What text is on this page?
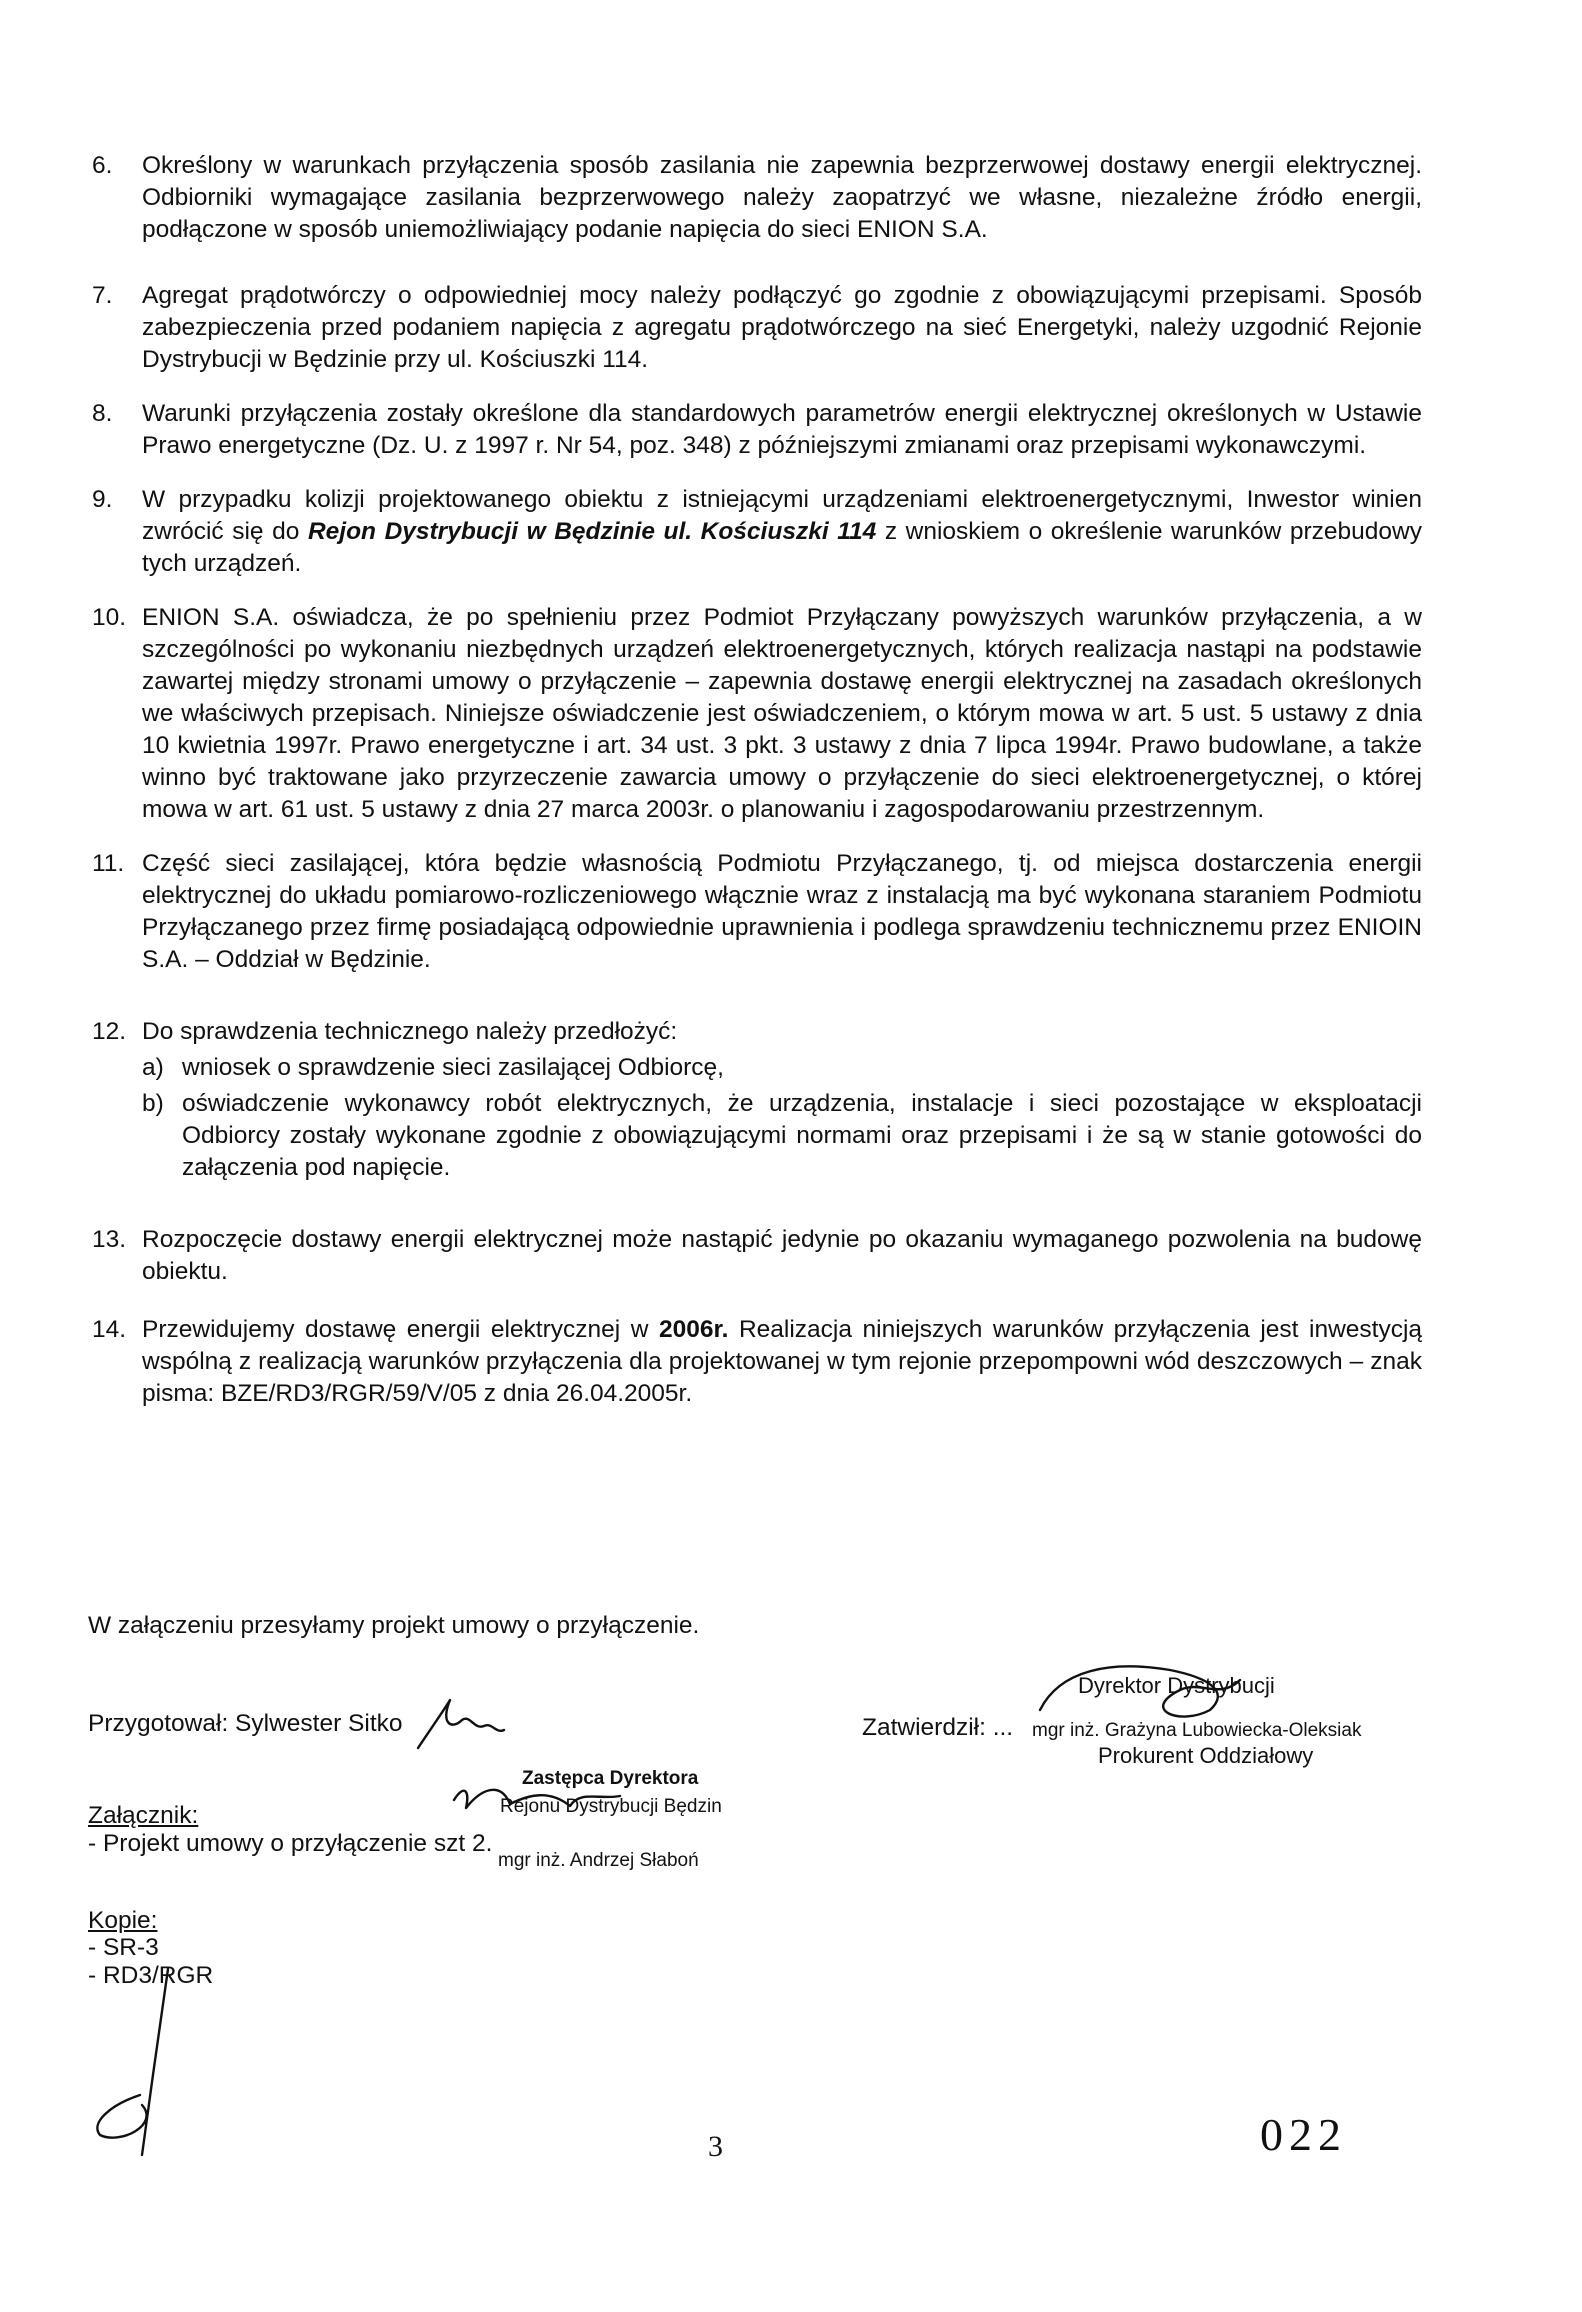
6.	Określony w warunkach przyłączenia sposób zasilania nie zapewnia bezprzerwowej dostawy energii elektrycznej. Odbiorniki wymagające zasilania bezprzerwowego należy zaopatrzyć we własne, niezależne źródło energii, podłączone w sposób uniemożliwiający podanie napięcia do sieci ENION S.A.
7.	Agregat prądotwórczy o odpowiedniej mocy należy podłączyć go zgodnie z obowiązującymi przepisami. Sposób zabezpieczenia przed podaniem napięcia z agregatu prądotwórczego na sieć Energetyki, należy uzgodnić Rejonie Dystrybucji w Będzinie przy ul. Kościuszki 114.
8.	Warunki przyłączenia zostały określone dla standardowych parametrów energii elektrycznej określonych w Ustawie Prawo energetyczne (Dz. U. z 1997 r. Nr 54, poz. 348) z późniejszymi zmianami oraz przepisami wykonawczymi.
9.	W przypadku kolizji projektowanego obiektu z istniejącymi urządzeniami elektroenergetycznymi, Inwestor winien zwrócić się do Rejon Dystrybucji w Będzinie ul. Kościuszki 114 z wnioskiem o określenie warunków przebudowy tych urządzeń.
10. ENION S.A. oświadcza, że po spełnieniu przez Podmiot Przyłączany powyższych warunków przyłączenia, a w szczególności po wykonaniu niezbędnych urządzeń elektroenergetycznych, których realizacja nastąpi na podstawie zawartej między stronami umowy o przyłączenie – zapewnia dostawę energii elektrycznej na zasadach określonych we właściwych przepisach. Niniejsze oświadczenie jest oświadczeniem, o którym mowa w art. 5 ust. 5 ustawy z dnia 10 kwietnia 1997r. Prawo energetyczne i art. 34 ust. 3 pkt. 3 ustawy z dnia 7 lipca 1994r. Prawo budowlane, a także winno być traktowane jako przyrzeczenie zawarcia umowy o przyłączenie do sieci elektroenergetycznej, o której mowa w art. 61 ust. 5 ustawy z dnia 27 marca 2003r. o planowaniu i zagospodarowaniu przestrzennym.
11. Część sieci zasilającej, która będzie własnością Podmiotu Przyłączanego, tj. od miejsca dostarczenia energii elektrycznej do układu pomiarowo-rozliczeniowego włącznie wraz z instalacją ma być wykonana staraniem Podmiotu Przyłączanego przez firmę posiadającą odpowiednie uprawnienia i podlega sprawdzeniu technicznemu przez ENIOIN S.A. – Oddział w Będzinie.
12. Do sprawdzenia technicznego należy przedłożyć:
a) wniosek o sprawdzenie sieci zasilającej Odbiorcę,
b) oświadczenie wykonawcy robót elektrycznych, że urządzenia, instalacje i sieci pozostające w eksploatacji Odbiorcy zostały wykonane zgodnie z obowiązującymi normami oraz przepisami i że są w stanie gotowości do załączenia pod napięcie.
13. Rozpoczęcie dostawy energii elektrycznej może nastąpić jedynie po okazaniu wymaganego pozwolenia na budowę obiektu.
14. Przewidujemy dostawę energii elektrycznej w 2006r. Realizacja niniejszych warunków przyłączenia jest inwestycją wspólną z realizacją warunków przyłączenia dla projektowanej w tym rejonie przepompowni wód deszczowych – znak pisma: BZE/RD3/RGR/59/V/05 z dnia 26.04.2005r.
W załączeniu przesyłamy projekt umowy o przyłączenie.
Przygotował: Sylwester Sitko	Zatwierdził: ... mgr inż. Grażyna Lubowiecka-Oleksiak
Prokurent Oddziałowy
Dyrektor Dystrybucji
Zastępca Dyrektora
Rejonu Dystrybucji Będzin
mgr inż. Andrzej Słaboń
Załącznik:
- Projekt umowy o przyłączenie szt 2.
Kopie:
- SR-3
- RD3/RGR
3	022
